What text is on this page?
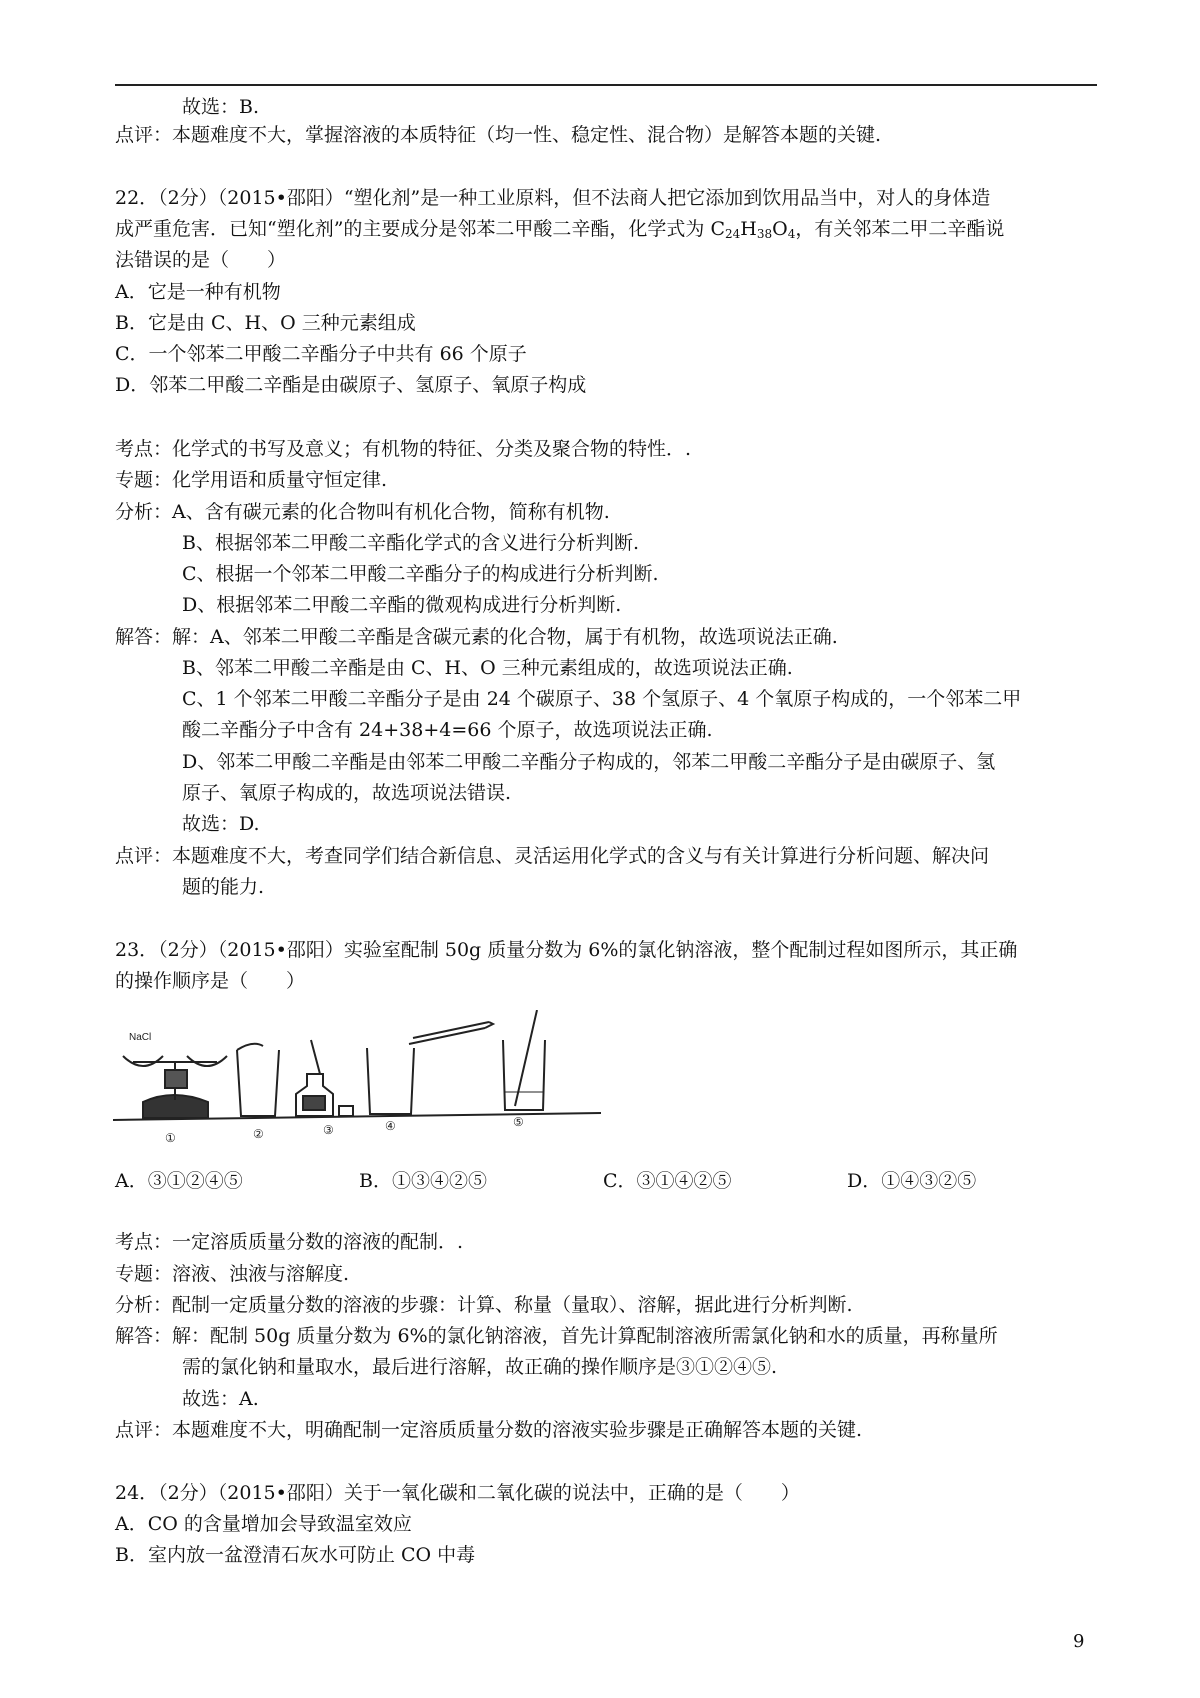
故选：B.
点评：本题难度不大，掌握溶液的本质特征（均一性、稳定性、混合物）是解答本题的关键.
22．（2分）（2015•邵阳）“塑化剂”是一种工业原料，但不法商人把它添加到饮用品当中，对人的身体造
成严重危害．已知“塑化剂”的主要成分是邻苯二甲酸二辛酯，化学式为 $C_{24}H_{38}O_4$，有关邻苯二甲二辛酯说
法错误的是（　　）
A．它是一种有机物
B．它是由 C、H、O 三种元素组成
C．一个邻苯二甲酸二辛酯分子中共有 66 个原子
D．邻苯二甲酸二辛酯是由碳原子、氢原子、氧原子构成
考点：化学式的书写及意义；有机物的特征、分类及聚合物的特性．.
专题：化学用语和质量守恒定律.
分析：A、含有碳元素的化合物叫有机化合物，简称有机物.
B、根据邻苯二甲酸二辛酯化学式的含义进行分析判断.
C、根据一个邻苯二甲酸二辛酯分子的构成进行分析判断.
D、根据邻苯二甲酸二辛酯的微观构成进行分析判断.
解答：解：A、邻苯二甲酸二辛酯是含碳元素的化合物，属于有机物，故选项说法正确.
B、邻苯二甲酸二辛酯是由 C、H、O 三种元素组成的，故选项说法正确.
C、1 个邻苯二甲酸二辛酯分子是由 24 个碳原子、38 个氢原子、4 个氧原子构成的，一个邻苯二甲
酸二辛酯分子中含有 24+38+4=66 个原子，故选项说法正确.
D、邻苯二甲酸二辛酯是由邻苯二甲酸二辛酯分子构成的，邻苯二甲酸二辛酯分子是由碳原子、氢
原子、氧原子构成的，故选项说法错误.
故选：D.
点评：本题难度不大，考查同学们结合新信息、灵活运用化学式的含义与有关计算进行分析问题、解决问
题的能力.
23．（2分）（2015•邵阳）实验室配制 50g 质量分数为 6%的氯化钠溶液，整个配制过程如图所示，其正确
的操作顺序是（　　）
NaCl
①	②	③	④	⑤
A．③①②④⑤	B．①③④②⑤	C．③①④②⑤	D．①④③②⑤
考点：一定溶质质量分数的溶液的配制．.
专题：溶液、浊液与溶解度.
分析：配制一定质量分数的溶液的步骤：计算、称量（量取）、溶解，据此进行分析判断.
解答：解：配制 50g 质量分数为 6%的氯化钠溶液，首先计算配制溶液所需氯化钠和水的质量，再称量所
需的氯化钠和量取水，最后进行溶解，故正确的操作顺序是③①②④⑤.
故选：A.
点评：本题难度不大，明确配制一定溶质质量分数的溶液实验步骤是正确解答本题的关键.
24．（2分）（2015•邵阳）关于一氧化碳和二氧化碳的说法中，正确的是（　　）
A．CO 的含量增加会导致温室效应
B．室内放一盆澄清石灰水可防止 CO 中毒
9
